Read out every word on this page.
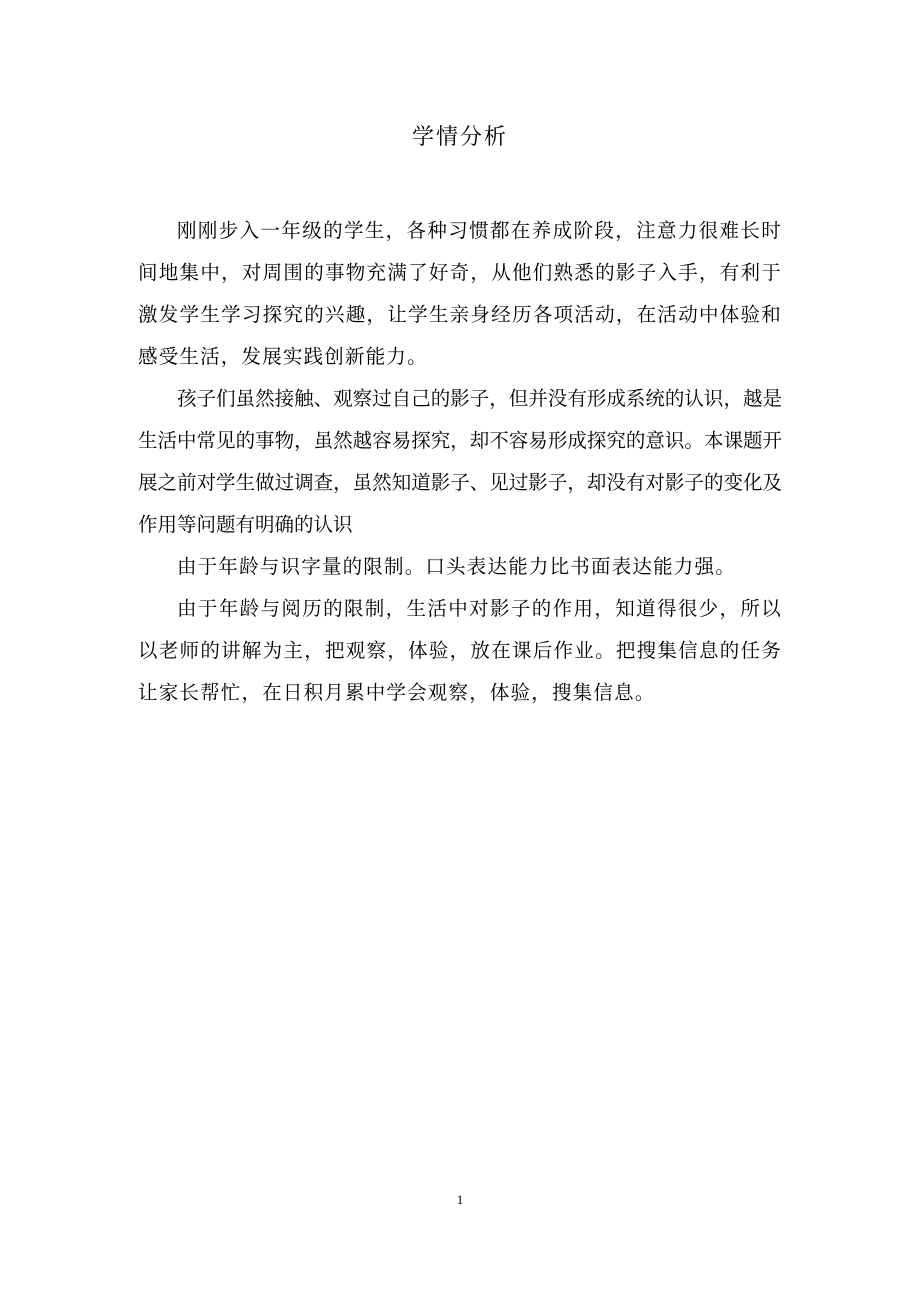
学情分析

刚刚步入一年级的学生，各种习惯都在养成阶段，注意力很难长时间地集中，对周围的事物充满了好奇，从他们熟悉的影子入手，有利于激发学生学习探究的兴趣，让学生亲身经历各项活动，在活动中体验和感受生活，发展实践创新能力。

孩子们虽然接触、观察过自己的影子，但并没有形成系统的认识，越是生活中常见的事物，虽然越容易探究，却不容易形成探究的意识。本课题开展之前对学生做过调查，虽然知道影子、见过影子，却没有对影子的变化及作用等问题有明确的认识

由于年龄与识字量的限制。口头表达能力比书面表达能力强。

由于年龄与阅历的限制，生活中对影子的作用，知道得很少，所以以老师的讲解为主，把观察，体验，放在课后作业。把搜集信息的任务让家长帮忙，在日积月累中学会观察，体验，搜集信息。

1
